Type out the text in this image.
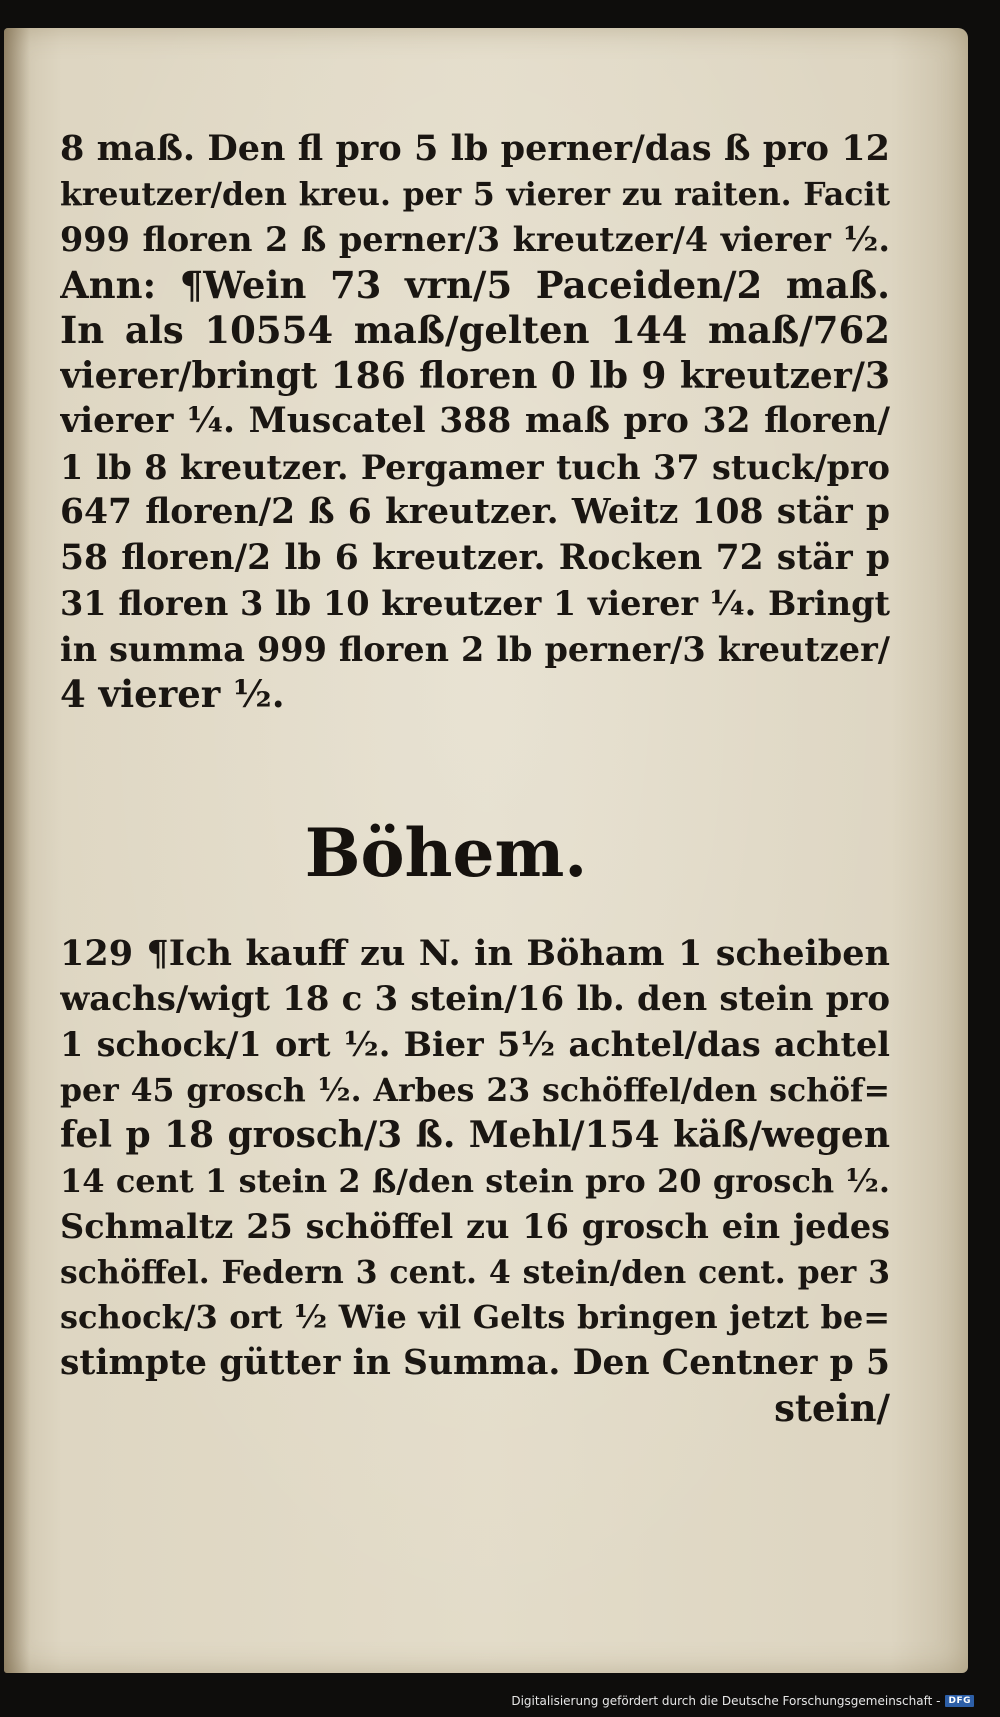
8 maß. Den fl pro 5 lb perner/das ß pro 12
kreutzer/den kreu. per 5 vierer zu raiten. Facit
999 floren 2 ß perner/3 kreutzer/4 vierer ½.
Ann: ¶Wein 73 vrn/5 Paceiden/2 maß.
In als 10554 maß/gelten 144 maß/762
vierer/bringt 186 floren 0 lb 9 kreutzer/3
vierer ¼. Muscatel 388 maß pro 32 floren/
1 lb 8 kreutzer. Pergamer tuch 37 stuck/pro
647 floren/2 ß 6 kreutzer. Weitz 108 stär p
58 floren/2 lb 6 kreutzer. Rocken 72 stär p
31 floren 3 lb 10 kreutzer 1 vierer ¼. Bringt
in summa 999 floren 2 lb perner/3 kreutzer/
4 vierer ½.
Böhem.
129 ¶Ich kauff zu N. in Böham 1 scheiben
wachs/wigt 18 c 3 stein/16 lb. den stein pro
1 schock/1 ort ½. Bier 5½ achtel/das achtel
per 45 grosch ½. Arbes 23 schöffel/den schöf=
fel p 18 grosch/3 ß. Mehl/154 käß/wegen
14 cent 1 stein 2 ß/den stein pro 20 grosch ½.
Schmaltz 25 schöffel zu 16 grosch ein jedes
schöffel. Federn 3 cent. 4 stein/den cent. per 3
schock/3 ort ½ Wie vil Gelts bringen jetzt be=
stimpte gütter in Summa. Den Centner p 5
stein/
Digitalisierung gefördert durch die Deutsche Forschungsgemeinschaft - DFG
